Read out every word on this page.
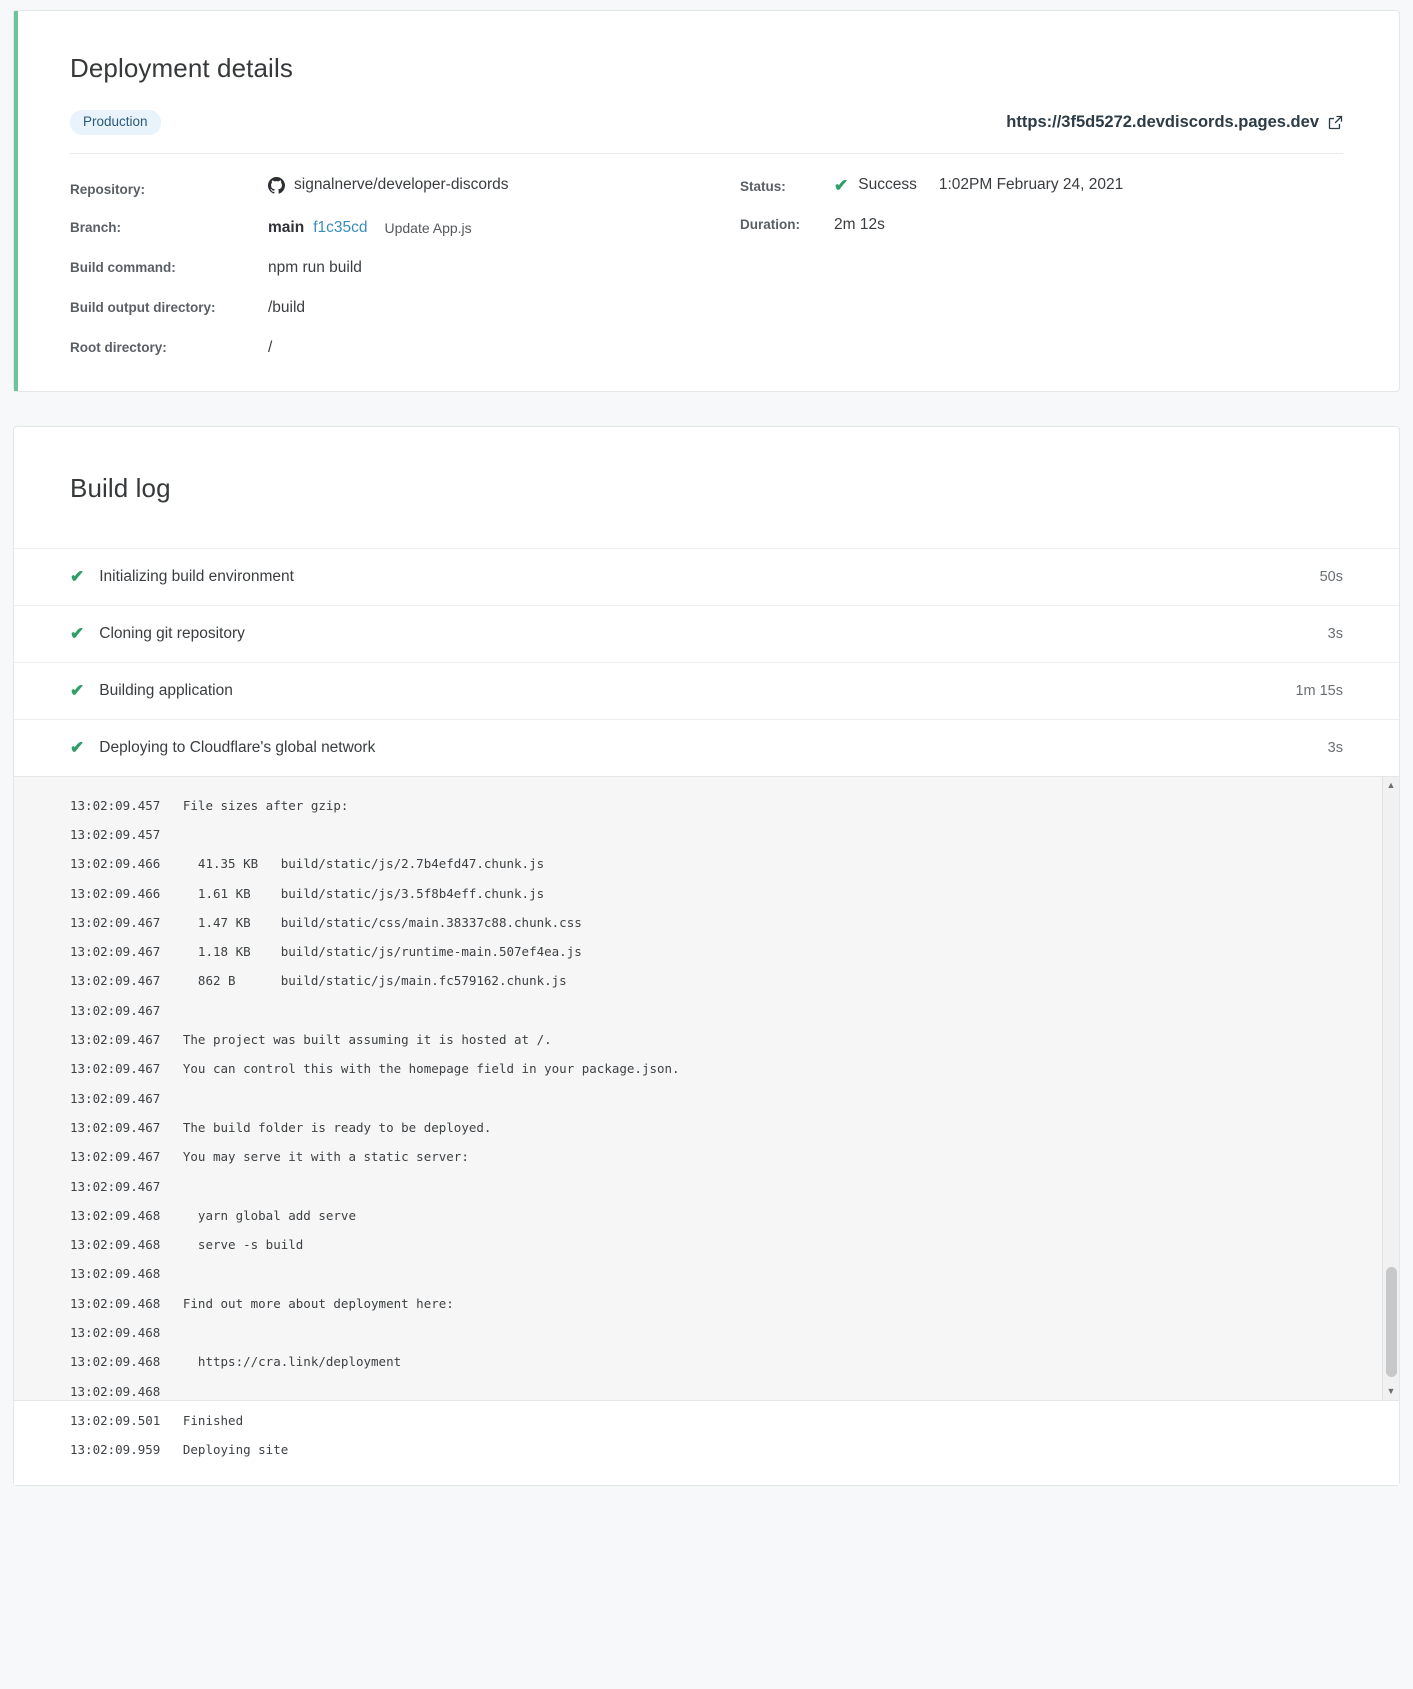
Deployment details
Production	https://3f5d5272.devdiscords.pages.dev
Repository:	signalnerve/developer-discords
Branch:	main f1c35cd Update App.js
Build command:	npm run build
Build output directory:	/build
Root directory:	/
Status:	✔ Success 1:02PM February 24, 2021
Duration:	2m 12s
Build log
✔ Initializing build environment	50s
✔ Cloning git repository	3s
✔ Building application	1m 15s
✔ Deploying to Cloudflare's global network	3s
13:02:09.457   File sizes after gzip:
13:02:09.457
13:02:09.466     41.35 KB   build/static/js/2.7b4efd47.chunk.js
13:02:09.466     1.61 KB    build/static/js/3.5f8b4eff.chunk.js
13:02:09.467     1.47 KB    build/static/css/main.38337c88.chunk.css
13:02:09.467     1.18 KB    build/static/js/runtime-main.507ef4ea.js
13:02:09.467     862 B      build/static/js/main.fc579162.chunk.js
13:02:09.467
13:02:09.467   The project was built assuming it is hosted at /.
13:02:09.467   You can control this with the homepage field in your package.json.
13:02:09.467
13:02:09.467   The build folder is ready to be deployed.
13:02:09.467   You may serve it with a static server:
13:02:09.467
13:02:09.468     yarn global add serve
13:02:09.468     serve -s build
13:02:09.468
13:02:09.468   Find out more about deployment here:
13:02:09.468
13:02:09.468     https://cra.link/deployment
13:02:09.468
13:02:09.501   Finished
13:02:09.959   Deploying site
▲
▼
